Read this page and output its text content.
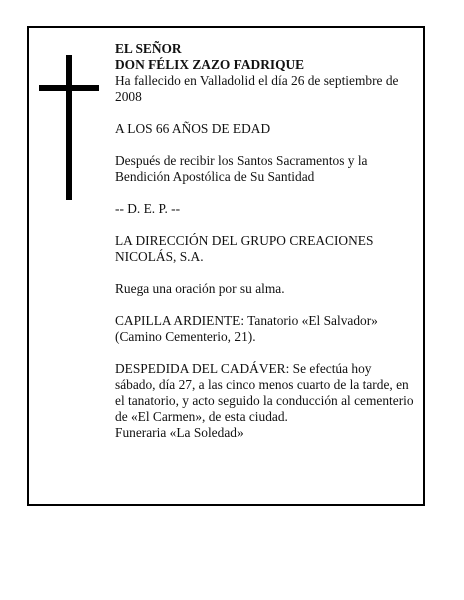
EL SEÑOR

DON FÉLIX ZAZO FADRIQUE

Ha fallecido en Valladolid el día 26 de septiembre de 2008

A LOS 66 AÑOS DE EDAD

Después de recibir los Santos Sacramentos y la Bendición Apostólica de Su Santidad

-- D. E. P. --

LA DIRECCIÓN DEL GRUPO CREACIONES NICOLÁS, S.A.

Ruega una oración por su alma.

CAPILLA ARDIENTE: Tanatorio «El Salvador» (Camino Cementerio, 21).

DESPEDIDA DEL CADÁVER: Se efectúa hoy sábado, día 27, a las cinco menos cuarto de la tarde, en el tanatorio, y acto seguido la conducción al cementerio de «El Carmen», de esta ciudad.

Funeraria «La Soledad»
